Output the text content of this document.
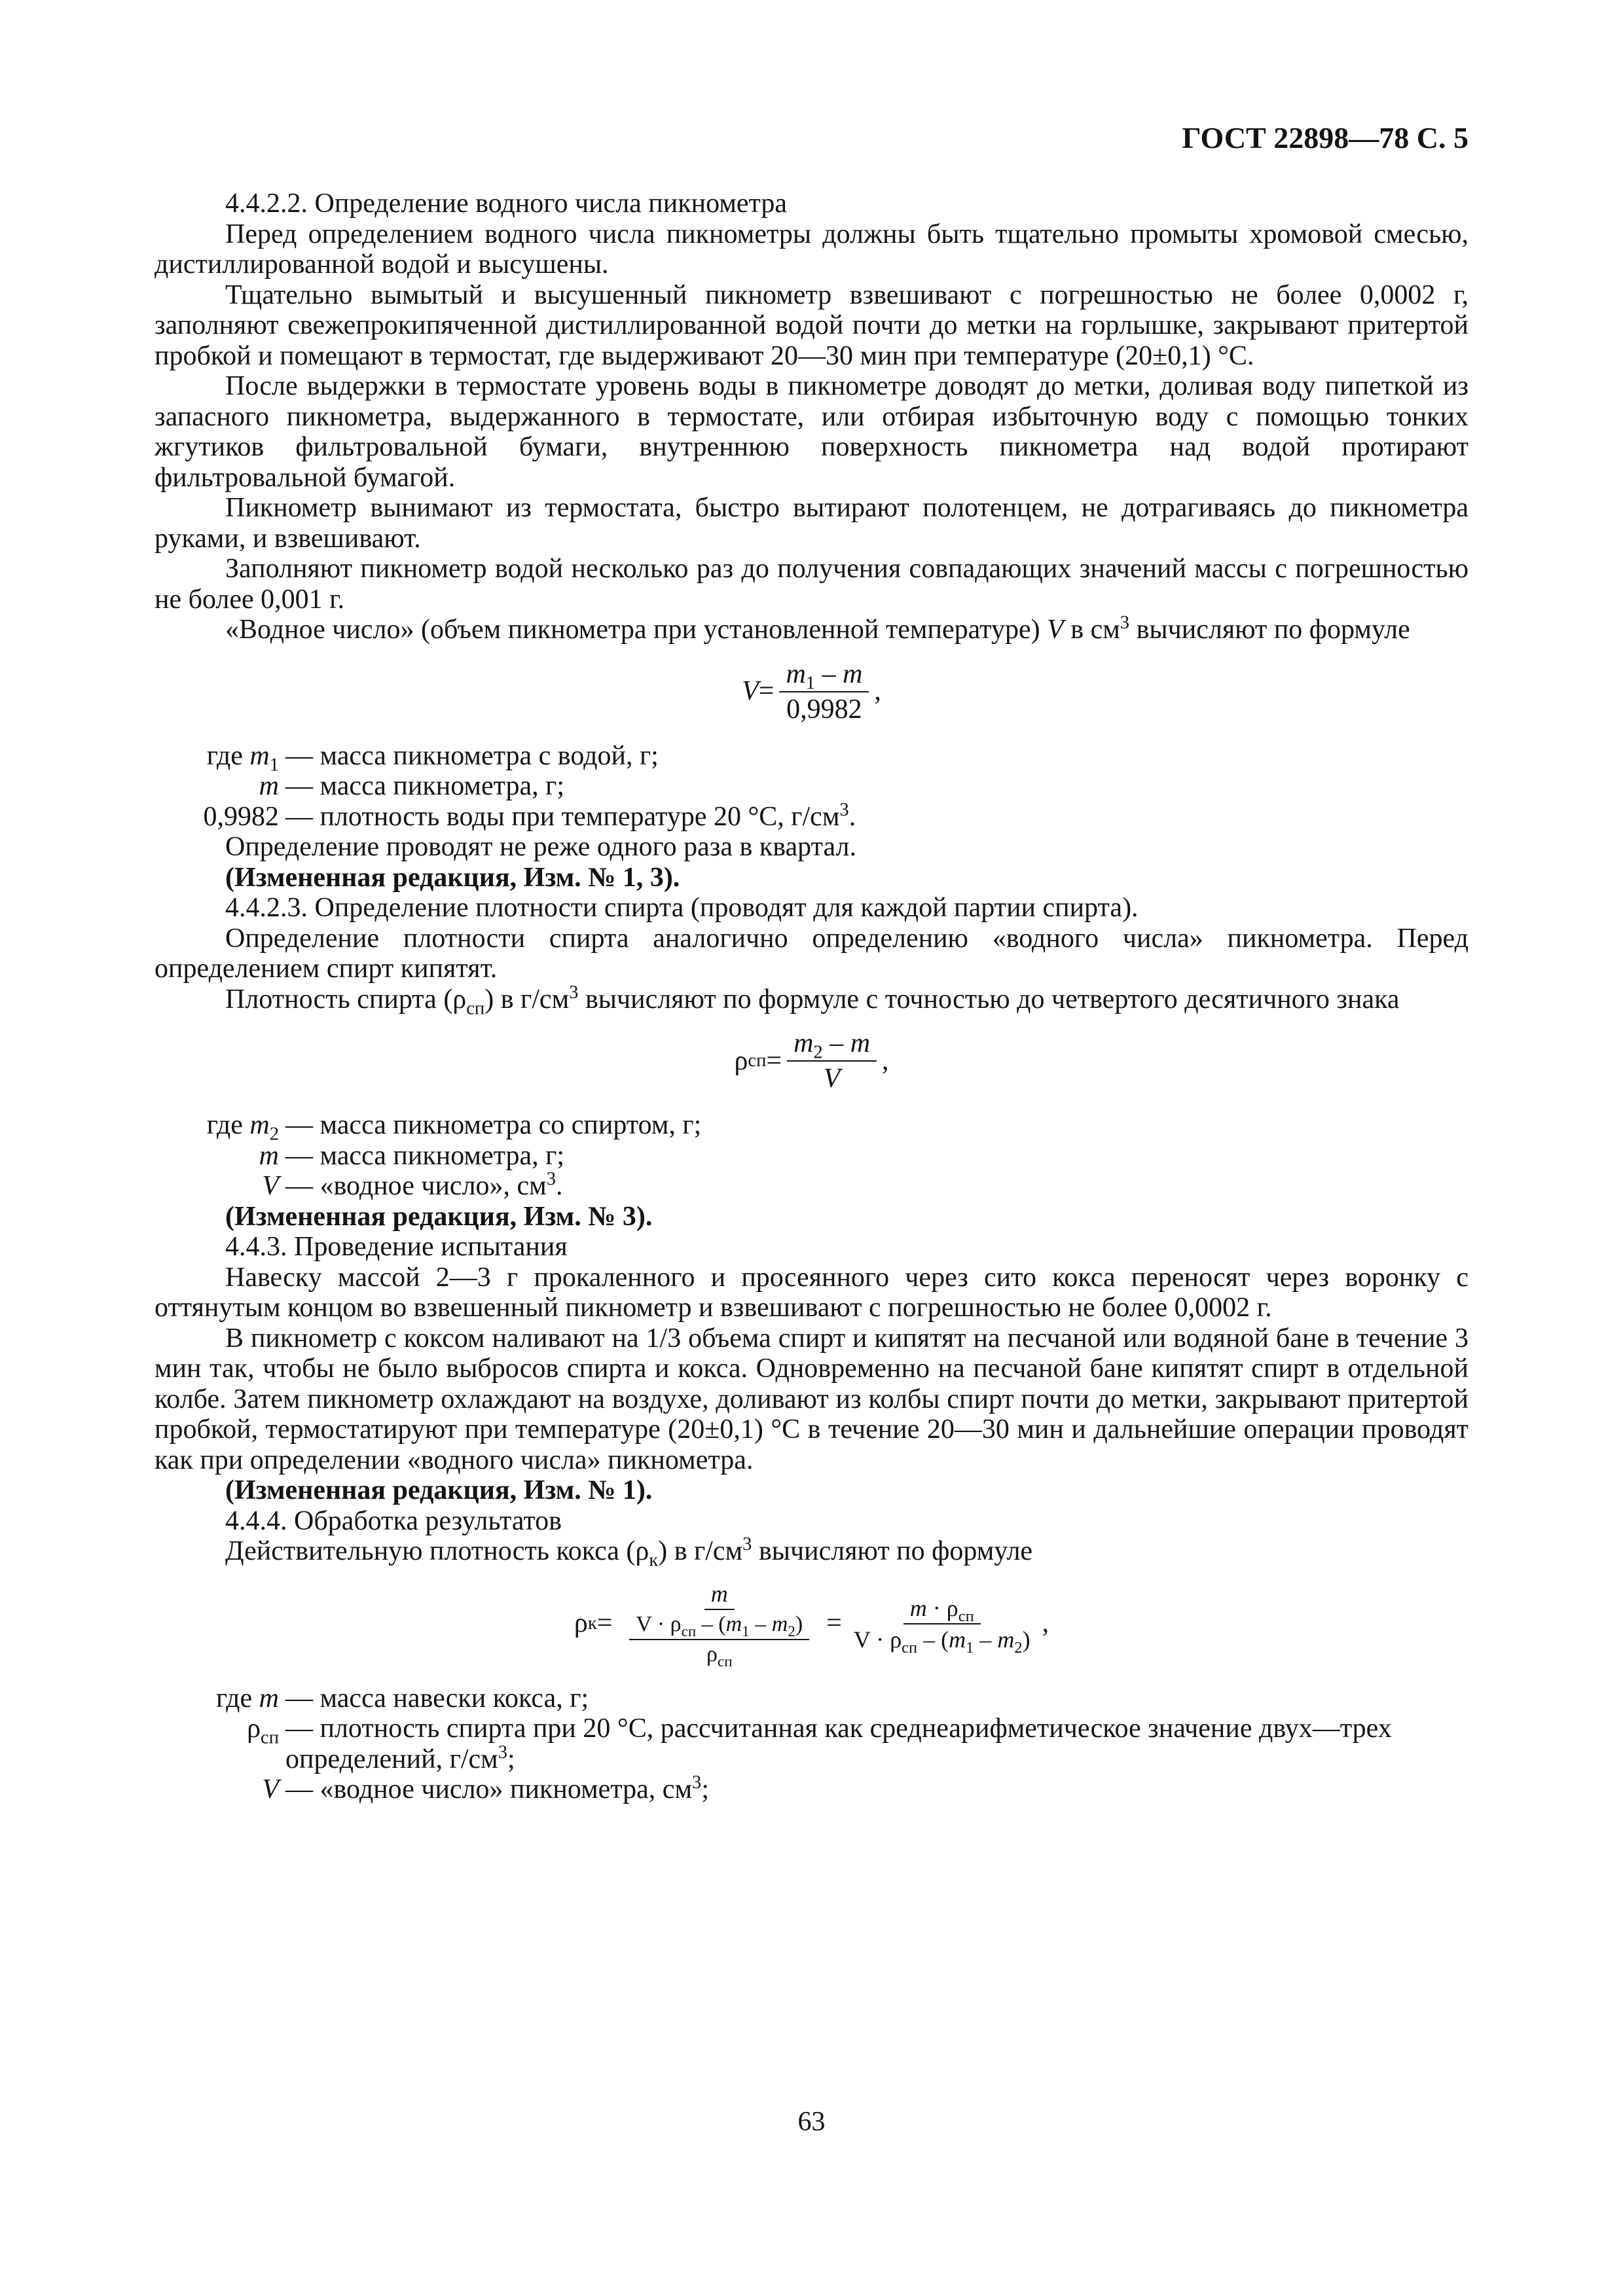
ГОСТ 22898—78 С. 5

4.4.2.2. Определение водного числа пикнометра

Перед определением водного числа пикнометры должны быть тщательно промыты хромовой смесью, дистиллированной водой и высушены.

Тщательно вымытый и высушенный пикнометр взвешивают с погрешностью не более 0,0002 г, заполняют свежепрокипяченной дистиллированной водой почти до метки на горлышке, закрывают притертой пробкой и помещают в термостат, где выдерживают 20—30 мин при температуре (20±0,1) °С.

После выдержки в термостате уровень воды в пикнометре доводят до метки, доливая воду пипеткой из запасного пикнометра, выдержанного в термостате, или отбирая избыточную воду с помощью тонких жгутиков фильтровальной бумаги, внутреннюю поверхность пикнометра над водой протирают фильтровальной бумагой.

Пикнометр вынимают из термостата, быстро вытирают полотенцем, не дотрагиваясь до пикнометра руками, и взвешивают.

Заполняют пикнометр водой несколько раз до получения совпадающих значений массы с погрешностью не более 0,001 г.

«Водное число» (объем пикнометра при установленной температуре) V в $см^3$ вычисляют по формуле

$V = \frac{m_1 - m}{0,9982}$ ,
где $m_1$ — масса пикнометра с водой, г;
m — масса пикнометра, г;
0,9982 — плотность воды при температуре 20 °С, $г/см^3$.

Определение проводят не реже одного раза в квартал.

(Измененная редакция, Изм. № 1, 3).

4.4.2.3. Определение плотности спирта (проводят для каждой партии спирта).

Определение плотности спирта аналогично определению «водного числа» пикнометра. Перед определением спирт кипятят.

Плотность спирта $(\rho_{сп})$ в $г/см^3$ вычисляют по формуле с точностью до четвертого десятичного знака

ρ сп = $\frac{m_2 - m}{V}$ ,
где $m_2$ — масса пикнометра со спиртом, г;
m — масса пикнометра, г;
V — «водное число», $см^3$.

(Измененная редакция, Изм. № 3).

4.4.3. Проведение испытания

Навеску массой 2—3 г прокаленного и просеянного через сито кокса переносят через воронку с оттянутым концом во взвешенный пикнометр и взвешивают с погрешностью не более 0,0002 г.

В пикнометр с коксом наливают на 1/3 объема спирт и кипятят на песчаной или водяной бане в течение 3 мин так, чтобы не было выбросов спирта и кокса. Одновременно на песчаной бане кипятят спирт в отдельной колбе. Затем пикнометр охлаждают на воздухе, доливают из колбы спирт почти до метки, закрывают притертой пробкой, термостатируют при температуре (20±0,1) °С в течение 20—30 мин и дальнейшие операции проводят как при определении «водного числа» пикнометра.

(Измененная редакция, Изм. № 1).

4.4.4. Обработка результатов

Действительную плотность кокса $(\rho_к)$ в $г/см^3$ вычисляют по формуле

ρ $к = \frac{m}{\frac{V \cdot \rho_{сп} - (m_1 - m_2)}{\rho_{сп}}} = \frac{m \cdot \rho_{сп}}{V \cdot \rho_{сп} - (m_1 - m_2)}$ ,
где m — масса навески кокса, г;
$\rho_{сп}$ — плотность спирта при 20 °С, рассчитанная как среднеарифметическое значение двух—трех определений, $г/см^3$;
V — «водное число» пикнометра, $см^3$;
63
